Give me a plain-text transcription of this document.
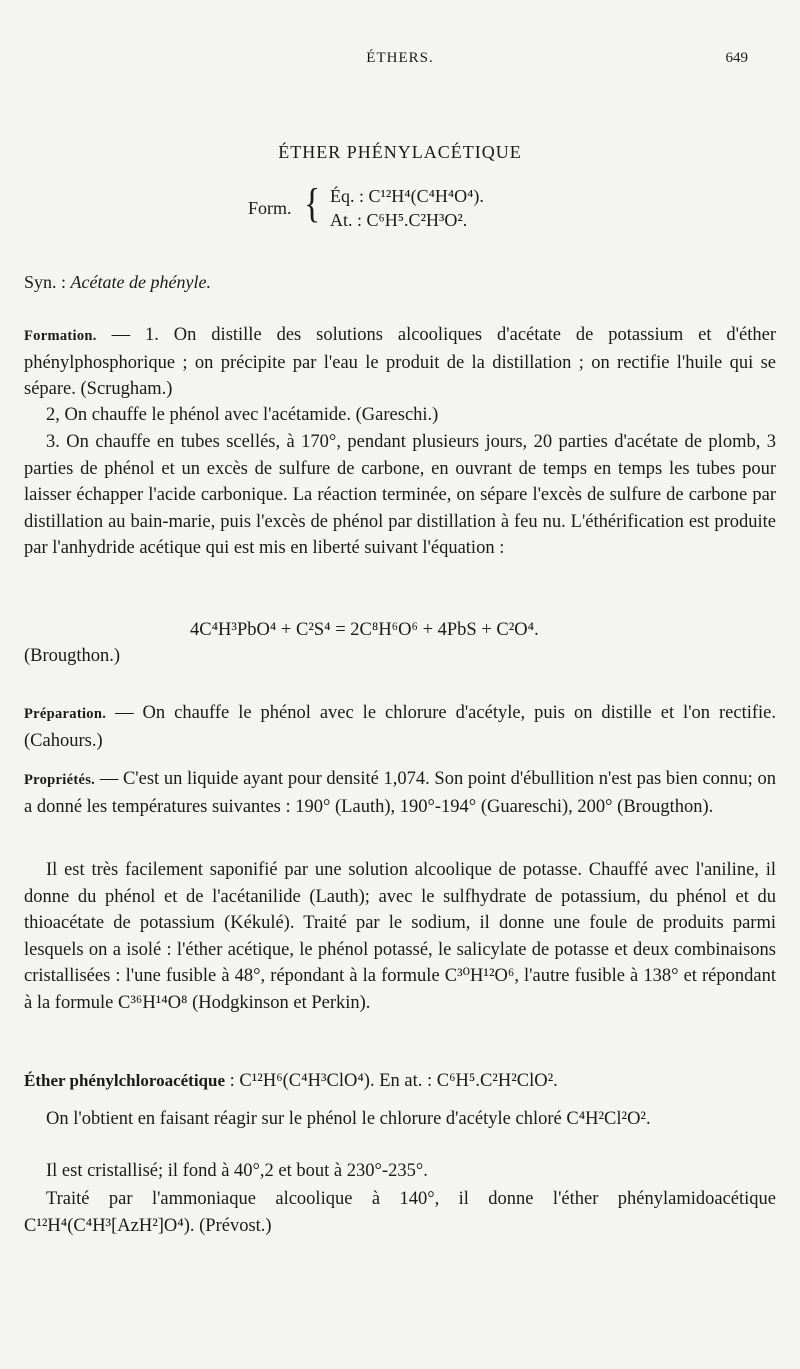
ÉTHERS.	649
ÉTHER PHÉNYLACÉTIQUE
Form. { Éq. : C¹²H⁴(C⁴H⁴O⁴).
At. : C⁶H⁵.C²H³O².
Syn. : Acétate de phényle.
Formation. — 1. On distille des solutions alcooliques d'acétate de potassium et d'éther phénylphosphorique ; on précipite par l'eau le produit de la distillation ; on rectifie l'huile qui se sépare. (Scrugham.)
2, On chauffe le phénol avec l'acétamide. (Gareschi.)
3. On chauffe en tubes scellés, à 170°, pendant plusieurs jours, 20 parties d'acétate de plomb, 3 parties de phénol et un excès de sulfure de carbone, en ouvrant de temps en temps les tubes pour laisser échapper l'acide carbonique. La réaction terminée, on sépare l'excès de sulfure de carbone par distillation au bain-marie, puis l'excès de phénol par distillation à feu nu. L'éthérification est produite par l'anhydride acétique qui est mis en liberté suivant l'équation :
4C⁴H³PbO⁴ + C²S⁴ = 2C⁸H⁶O⁶ + 4PbS + C²O⁴.
(Brougthon.)
Préparation. — On chauffe le phénol avec le chlorure d'acétyle, puis on distille et l'on rectifie. (Cahours.)
Propriétés. — C'est un liquide ayant pour densité 1,074. Son point d'ébullition n'est pas bien connu; on a donné les températures suivantes : 190° (Lauth), 190°-194° (Guareschi), 200° (Brougthon).
Il est très facilement saponifié par une solution alcoolique de potasse. Chauffé avec l'aniline, il donne du phénol et de l'acétanilide (Lauth); avec le sulfhydrate de potassium, du phénol et du thioacétate de potassium (Kékulé). Traité par le sodium, il donne une foule de produits parmi lesquels on a isolé : l'éther acétique, le phénol potassé, le salicylate de potasse et deux combinaisons cristallisées : l'une fusible à 48°, répondant à la formule C³⁰H¹²O⁶, l'autre fusible à 138° et répondant à la formule C³⁶H¹⁴O⁸ (Hodgkinson et Perkin).
Éther phénylchloroacétique : C¹²H⁶(C⁴H³ClO⁴). En at. : C⁶H⁵.C²H²ClO².
On l'obtient en faisant réagir sur le phénol le chlorure d'acétyle chloré C⁴H²Cl²O².
Il est cristallisé; il fond à 40°,2 et bout à 230°-235°.
Traité par l'ammoniaque alcoolique à 140°, il donne l'éther phénylamidoacétique C¹²H⁴(C⁴H³[AzH²]O⁴). (Prévost.)
